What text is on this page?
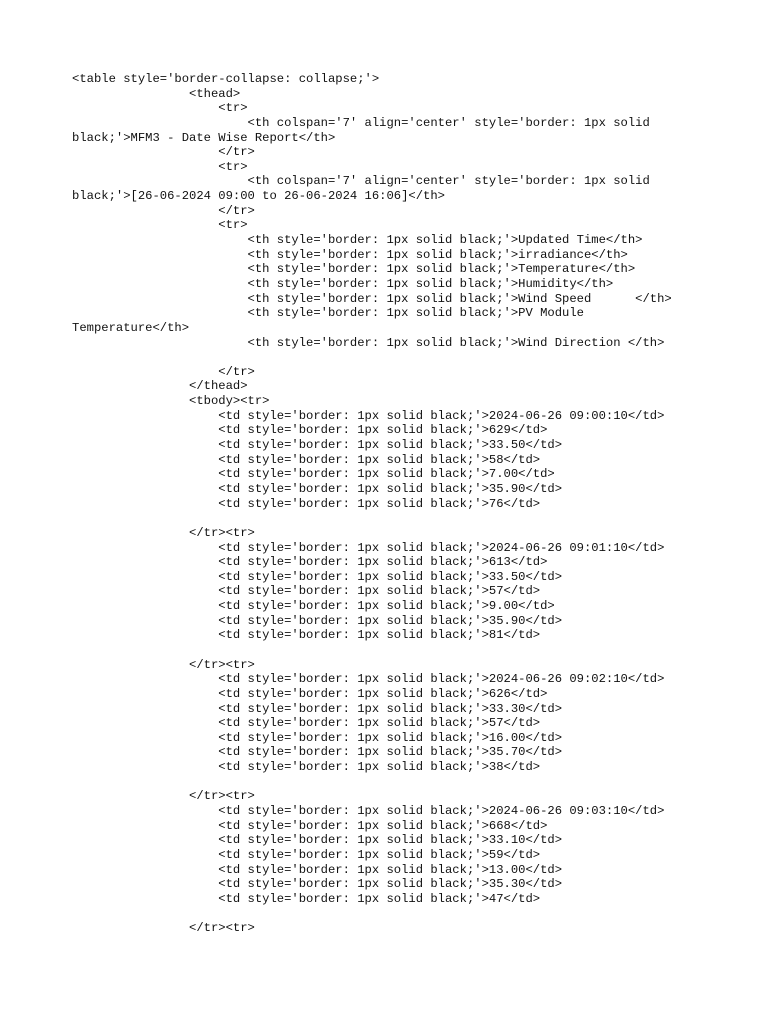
<table style='border-collapse: collapse;'>
<thead>
<tr>
<th colspan='7' align='center' style='border: 1px solid
black;'>MFM3 - Date Wise Report</th>
</tr>
<tr>
<th colspan='7' align='center' style='border: 1px solid
black;'>[26-06-2024 09:00 to 26-06-2024 16:06]</th>
</tr>
<tr>
<th style='border: 1px solid black;'>Updated Time</th>
<th style='border: 1px solid black;'>irradiance</th>
<th style='border: 1px solid black;'>Temperature</th>
<th style='border: 1px solid black;'>Humidity</th>
<th style='border: 1px solid black;'>Wind Speed      </th>
<th style='border: 1px solid black;'>PV Module
Temperature</th>
<th style='border: 1px solid black;'>Wind Direction </th>
</tr>
</thead>
<tbody><tr>
<td style='border: 1px solid black;'>2024-06-26 09:00:10</td>
<td style='border: 1px solid black;'>629</td>
<td style='border: 1px solid black;'>33.50</td>
<td style='border: 1px solid black;'>58</td>
<td style='border: 1px solid black;'>7.00</td>
<td style='border: 1px solid black;'>35.90</td>
<td style='border: 1px solid black;'>76</td>
</tr><tr>
<td style='border: 1px solid black;'>2024-06-26 09:01:10</td>
<td style='border: 1px solid black;'>613</td>
<td style='border: 1px solid black;'>33.50</td>
<td style='border: 1px solid black;'>57</td>
<td style='border: 1px solid black;'>9.00</td>
<td style='border: 1px solid black;'>35.90</td>
<td style='border: 1px solid black;'>81</td>
</tr><tr>
<td style='border: 1px solid black;'>2024-06-26 09:02:10</td>
<td style='border: 1px solid black;'>626</td>
<td style='border: 1px solid black;'>33.30</td>
<td style='border: 1px solid black;'>57</td>
<td style='border: 1px solid black;'>16.00</td>
<td style='border: 1px solid black;'>35.70</td>
<td style='border: 1px solid black;'>38</td>
</tr><tr>
<td style='border: 1px solid black;'>2024-06-26 09:03:10</td>
<td style='border: 1px solid black;'>668</td>
<td style='border: 1px solid black;'>33.10</td>
<td style='border: 1px solid black;'>59</td>
<td style='border: 1px solid black;'>13.00</td>
<td style='border: 1px solid black;'>35.30</td>
<td style='border: 1px solid black;'>47</td>
</tr><tr>
